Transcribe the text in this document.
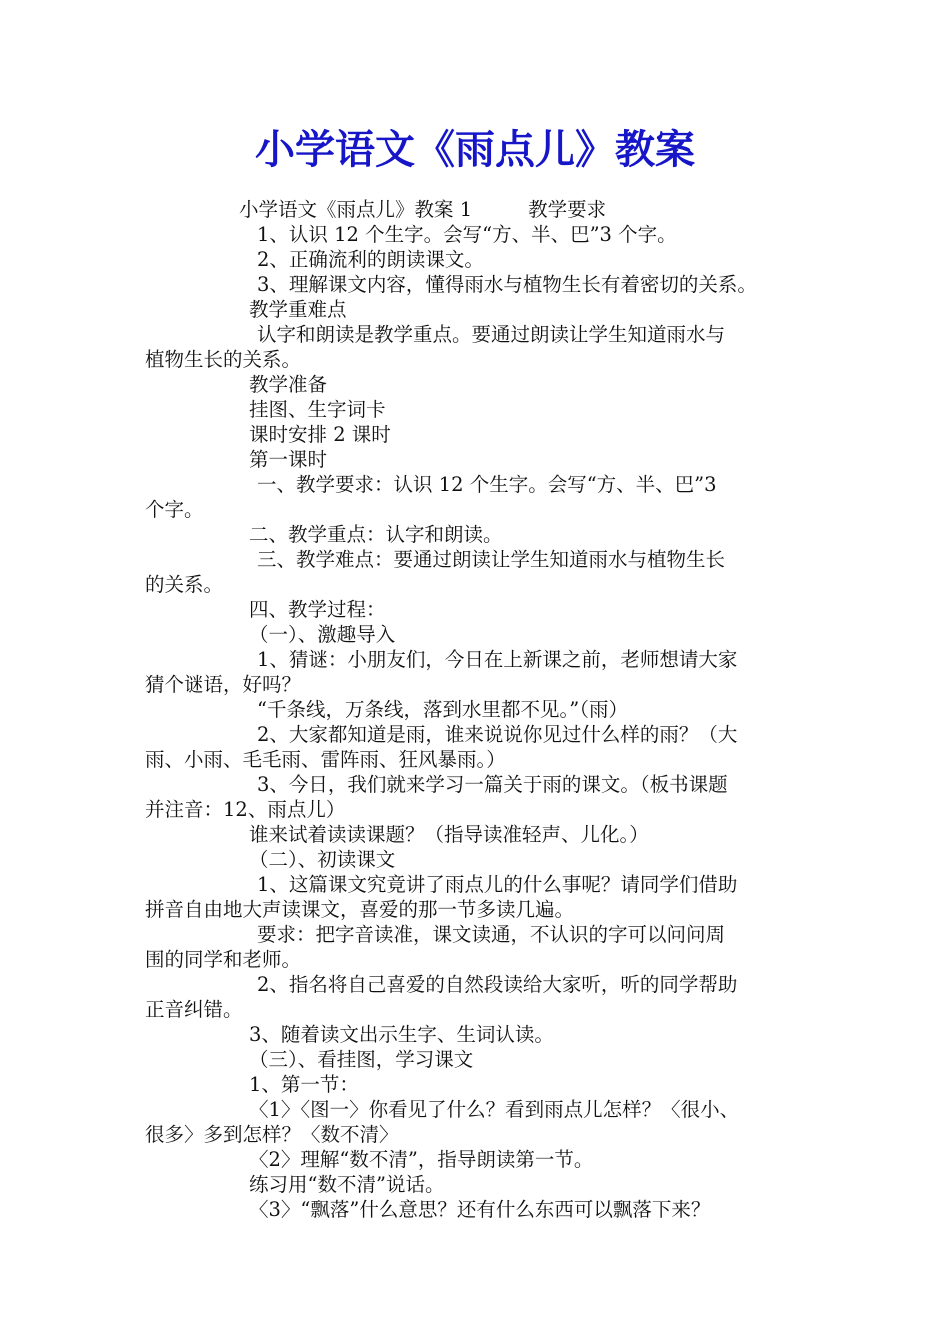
小学语文《雨点儿》教案
小学语文《雨点儿》教案 1	教学要求
1、认识 12 个生字。会写“方、半、巴”3 个字。
2、正确流利的朗读课文。
3、理解课文内容，懂得雨水与植物生长有着密切的关系。
教学重难点
认字和朗读是教学重点。要通过朗读让学生知道雨水与
植物生长的关系。
教学准备
挂图、生字词卡
课时安排 2 课时
第一课时
一、教学要求：认识 12 个生字。会写“方、半、巴”3
个字。
二、教学重点：认字和朗读。
三、教学难点：要通过朗读让学生知道雨水与植物生长
的关系。
四、教学过程：
（一）、激趣导入
1、猜谜：小朋友们，今日在上新课之前，老师想请大家
猜个谜语，好吗？
“千条线，万条线，落到水里都不见。”（雨）
2、大家都知道是雨，谁来说说你见过什么样的雨？（大
雨、小雨、毛毛雨、雷阵雨、狂风暴雨。）
3、今日，我们就来学习一篇关于雨的课文。（板书课题
并注音：12、雨点儿）
谁来试着读读课题？（指导读准轻声、儿化。）
（二）、初读课文
1、这篇课文究竟讲了雨点儿的什么事呢？请同学们借助
拼音自由地大声读课文，喜爱的那一节多读几遍。
要求：把字音读准，课文读通，不认识的字可以问问周
围的同学和老师。
2、指名将自己喜爱的自然段读给大家听，听的同学帮助
正音纠错。
3、随着读文出示生字、生词认读。
（三）、看挂图，学习课文
1、第一节：
〈1〉〈图一〉你看见了什么？看到雨点儿怎样？〈很小、
很多〉多到怎样？〈数不清〉
〈2〉理解“数不清”，指导朗读第一节。
练习用“数不清”说话。
〈3〉“飘落”什么意思？还有什么东西可以飘落下来？
